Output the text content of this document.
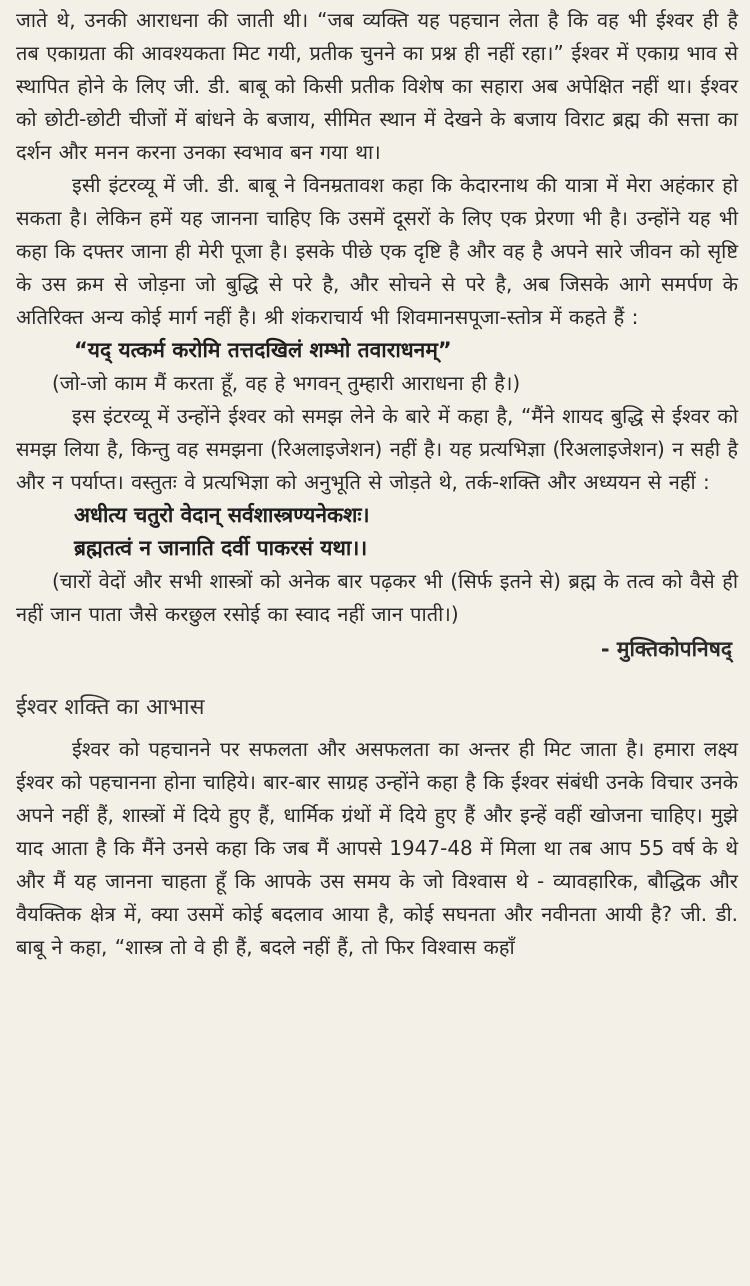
जाते थे, उनकी आराधना की जाती थी। “जब व्यक्ति यह पहचान लेता है कि वह भी ईश्वर ही है तब एकाग्रता की आवश्यकता मिट गयी, प्रतीक चुनने का प्रश्न ही नहीं रहा।” ईश्वर में एकाग्र भाव से स्थापित होने के लिए जी. डी. बाबू को किसी प्रतीक विशेष का सहारा अब अपेक्षित नहीं था। ईश्वर को छोटी-छोटी चीजों में बांधने के बजाय, सीमित स्थान में देखने के बजाय विराट ब्रह्म की सत्ता का दर्शन और मनन करना उनका स्वभाव बन गया था।

इसी इंटरव्यू में जी. डी. बाबू ने विनम्रतावश कहा कि केदारनाथ की यात्रा में मेरा अहंकार हो सकता है। लेकिन हमें यह जानना चाहिए कि उसमें दूसरों के लिए एक प्रेरणा भी है। उन्होंने यह भी कहा कि दफ्तर जाना ही मेरी पूजा है। इसके पीछे एक दृष्टि है और वह है अपने सारे जीवन को सृष्टि के उस क्रम से जोड़ना जो बुद्धि से परे है, और सोचने से परे है, अब जिसके आगे समर्पण के अतिरिक्त अन्य कोई मार्ग नहीं है। श्री शंकराचार्य भी शिवमानसपूजा-स्तोत्र में कहते हैं :

“यद् यत्कर्म करोमि तत्तदखिलं शम्भो तवाराधनम्”

(जो-जो काम मैं करता हूँ, वह हे भगवन् तुम्हारी आराधना ही है।)

इस इंटरव्यू में उन्होंने ईश्वर को समझ लेने के बारे में कहा है, “मैंने शायद बुद्धि से ईश्वर को समझ लिया है, किन्तु वह समझना (रिअलाइजेशन) नहीं है। यह प्रत्यभिज्ञा (रिअलाइजेशन) न सही है और न पर्याप्त। वस्तुतः वे प्रत्यभिज्ञा को अनुभूति से जोड़ते थे, तर्क-शक्ति और अध्ययन से नहीं :

अधीत्य चतुरो वेदान् सर्वशास्त्रण्यनेकशः।

ब्रह्मतत्वं न जानाति दर्वी पाकरसं यथा।।

(चारों वेदों और सभी शास्त्रों को अनेक बार पढ़कर भी (सिर्फ इतने से) ब्रह्म के तत्व को वैसे ही नहीं जान पाता जैसे करछुल रसोई का स्वाद नहीं जान पाती।)

- मुक्तिकोपनिषद्

ईश्वर शक्ति का आभास

ईश्वर को पहचानने पर सफलता और असफलता का अन्तर ही मिट जाता है। हमारा लक्ष्य ईश्वर को पहचानना होना चाहिये। बार-बार साग्रह उन्होंने कहा है कि ईश्वर संबंधी उनके विचार उनके अपने नहीं हैं, शास्त्रों में दिये हुए हैं, धार्मिक ग्रंथों में दिये हुए हैं और इन्हें वहीं खोजना चाहिए। मुझे याद आता है कि मैंने उनसे कहा कि जब मैं आपसे 1947-48 में मिला था तब आप 55 वर्ष के थे और मैं यह जानना चाहता हूँ कि आपके उस समय के जो विश्वास थे - व्यावहारिक, बौद्धिक और वैयक्तिक क्षेत्र में, क्या उसमें कोई बदलाव आया है, कोई सघनता और नवीनता आयी है? जी. डी. बाबू ने कहा, “शास्त्र तो वे ही हैं, बदले नहीं हैं, तो फिर विश्वास कहाँ
